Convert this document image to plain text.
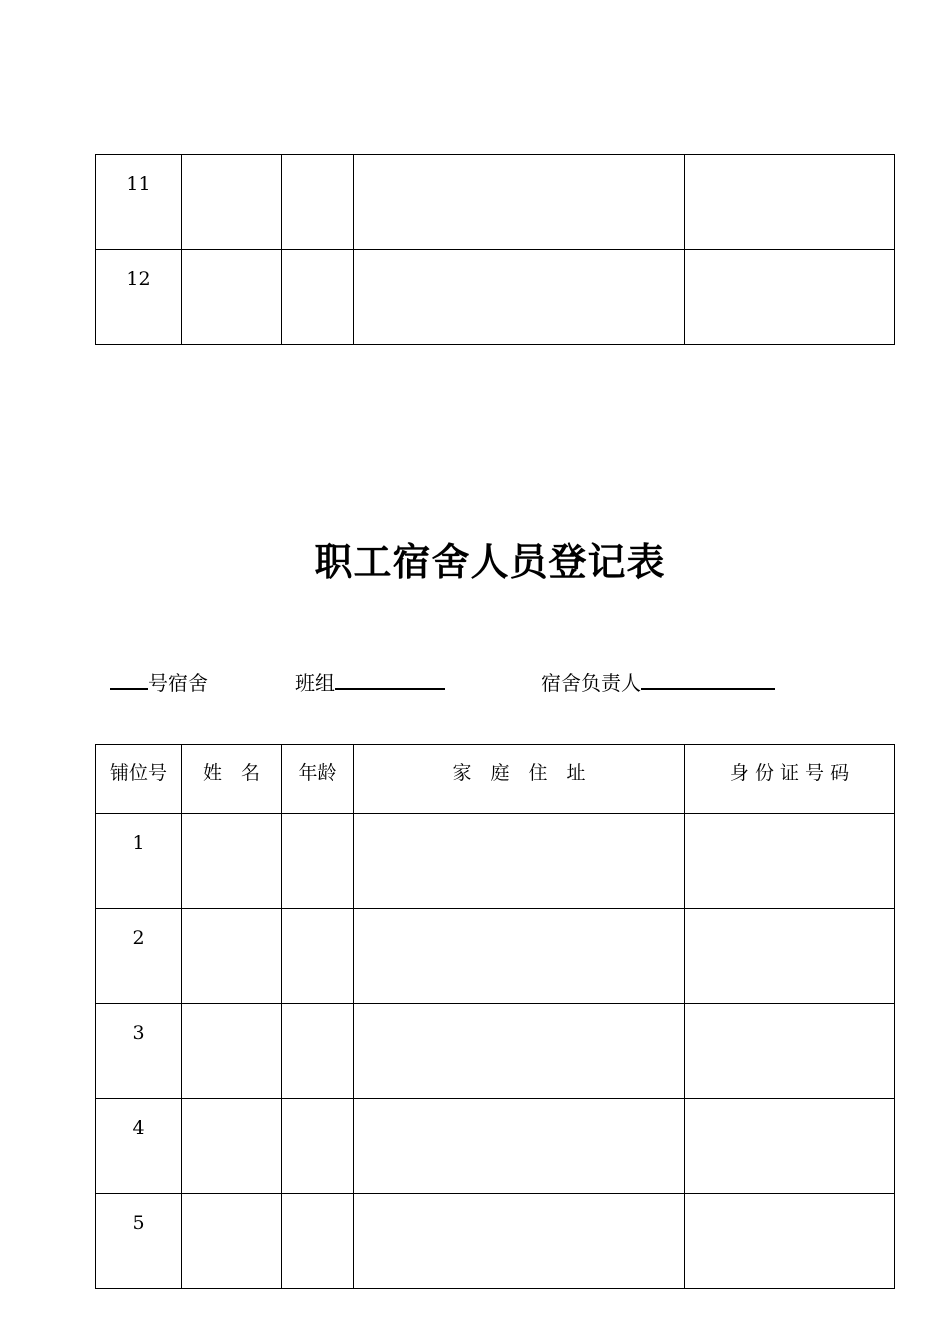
11				
12				
职工宿舍人员登记表
号宿舍	班组	宿舍负责人
铺位号	姓　名	年龄	家　庭　住　址	身 份 证 号 码
1				
2				
3				
4				
5				
